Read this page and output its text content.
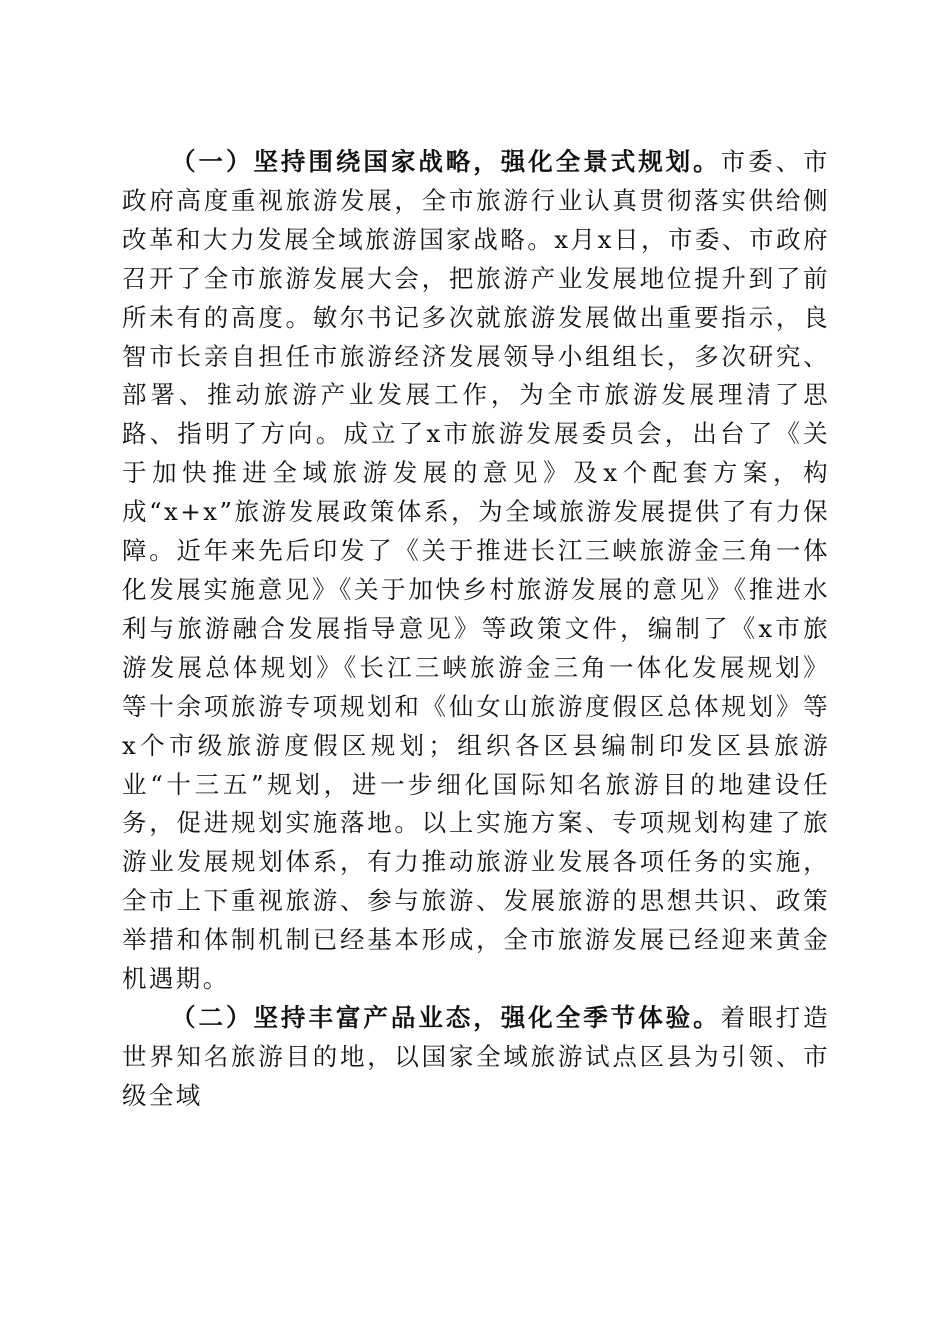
（一）坚持围绕国家战略，强化全景式规划。市委、市政府高度重视旅游发展，全市旅游行业认真贯彻落实供给侧改革和大力发展全域旅游国家战略。x月x日，市委、市政府召开了全市旅游发展大会，把旅游产业发展地位提升到了前所未有的高度。敏尔书记多次就旅游发展做出重要指示，良智市长亲自担任市旅游经济发展领导小组组长，多次研究、部署、推动旅游产业发展工作，为全市旅游发展理清了思路、指明了方向。成立了x市旅游发展委员会，出台了《关于加快推进全域旅游发展的意见》及x个配套方案，构成“x+x”旅游发展政策体系，为全域旅游发展提供了有力保障。近年来先后印发了《关于推进长江三峡旅游金三角一体化发展实施意见》《关于加快乡村旅游发展的意见》《推进水利与旅游融合发展指导意见》等政策文件，编制了《x市旅游发展总体规划》《长江三峡旅游金三角一体化发展规划》等十余项旅游专项规划和《仙女山旅游度假区总体规划》等x个市级旅游度假区规划；组织各区县编制印发区县旅游业“十三五”规划，进一步细化国际知名旅游目的地建设任务，促进规划实施落地。以上实施方案、专项规划构建了旅游业发展规划体系，有力推动旅游业发展各项任务的实施，全市上下重视旅游、参与旅游、发展旅游的思想共识、政策举措和体制机制已经基本形成，全市旅游发展已经迎来黄金机遇期。

（二）坚持丰富产品业态，强化全季节体验。着眼打造世界知名旅游目的地，以国家全域旅游试点区县为引领、市级全域
